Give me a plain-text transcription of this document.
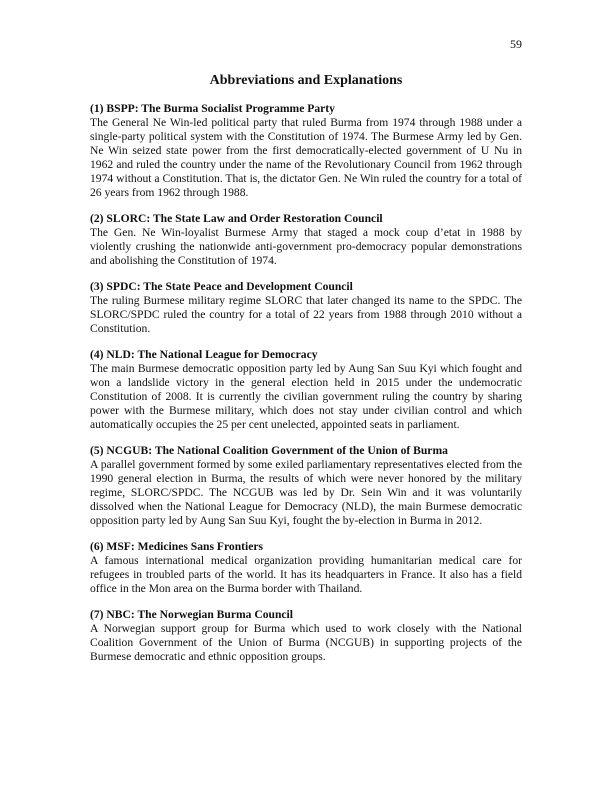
59
Abbreviations and Explanations

(1) BSPP: The Burma Socialist Programme Party

The General Ne Win-led political party that ruled Burma from 1974 through 1988 under a single-party political system with the Constitution of 1974. The Burmese Army led by Gen. Ne Win seized state power from the first democratically-elected government of U Nu in 1962 and ruled the country under the name of the Revolutionary Council from 1962 through 1974 without a Constitution. That is, the dictator Gen. Ne Win ruled the country for a total of 26 years from 1962 through 1988.

(2) SLORC: The State Law and Order Restoration Council

The Gen. Ne Win-loyalist Burmese Army that staged a mock coup d’etat in 1988 by violently crushing the nationwide anti-government pro-democracy popular demonstrations and abolishing the Constitution of 1974.

(3) SPDC: The State Peace and Development Council

The ruling Burmese military regime SLORC that later changed its name to the SPDC. The SLORC/SPDC ruled the country for a total of 22 years from 1988 through 2010 without a Constitution.

(4) NLD: The National League for Democracy

The main Burmese democratic opposition party led by Aung San Suu Kyi which fought and won a landslide victory in the general election held in 2015 under the undemocratic Constitution of 2008. It is currently the civilian government ruling the country by sharing power with the Burmese military, which does not stay under civilian control and which automatically occupies the 25 per cent unelected, appointed seats in parliament.

(5) NCGUB: The National Coalition Government of the Union of Burma

A parallel government formed by some exiled parliamentary representatives elected from the 1990 general election in Burma, the results of which were never honored by the military regime, SLORC/SPDC. The NCGUB was led by Dr. Sein Win and it was voluntarily dissolved when the National League for Democracy (NLD), the main Burmese democratic opposition party led by Aung San Suu Kyi, fought the by-election in Burma in 2012.

(6) MSF: Medicines Sans Frontiers

A famous international medical organization providing humanitarian medical care for refugees in troubled parts of the world. It has its headquarters in France. It also has a field office in the Mon area on the Burma border with Thailand.

(7) NBC: The Norwegian Burma Council

A Norwegian support group for Burma which used to work closely with the National Coalition Government of the Union of Burma (NCGUB) in supporting projects of the Burmese democratic and ethnic opposition groups.
